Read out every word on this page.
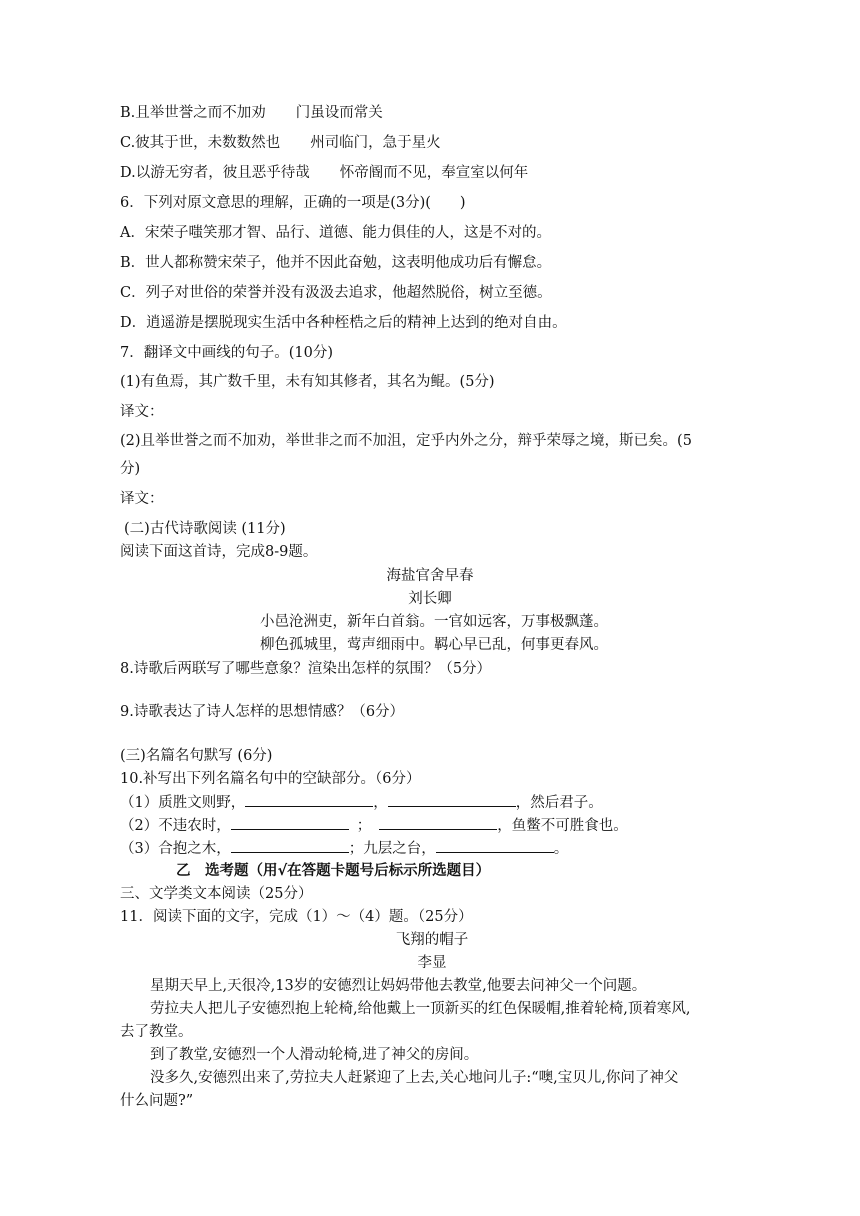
B.且举世誉之而不加劝 门虽设而常关
C.彼其于世，未数数然也 州司临门，急于星火
D.以游无穷者，彼且恶乎待哉 怀帝阍而不见，奉宣室以何年
6．下列对原文意思的理解，正确的一项是(3分)(　　)
A．宋荣子嗤笑那才智、品行、道德、能力俱佳的人，这是不对的。
B．世人都称赞宋荣子，他并不因此奋勉，这表明他成功后有懈怠。
C．列子对世俗的荣誉并没有汲汲去追求，他超然脱俗，树立至德。
D．逍遥游是摆脱现实生活中各种桎梏之后的精神上达到的绝对自由。
7．翻译文中画线的句子。(10分)
(1)有鱼焉，其广数千里，未有知其修者，其名为鲲。(5分)
译文：
(2)且举世誉之而不加劝，举世非之而不加沮，定乎内外之分，辩乎荣辱之境，斯已矣。(5
分)
译文：
(二)古代诗歌阅读 (11分)
阅读下面这首诗，完成8-9题。
海盐官舍早春
刘长卿
小邑沧洲吏，新年白首翁。一官如远客，万事极飘蓬。
柳色孤城里，莺声细雨中。羁心早已乱，何事更春风。
8.诗歌后两联写了哪些意象？渲染出怎样的氛围？（5分）
9.诗歌表达了诗人怎样的思想情感？（6分）
(三)名篇名句默写 (6分)
10.补写出下列名篇名句中的空缺部分。（6分）
（1）质胜文则野，	，	，然后君子。
（2）不违农时，	；	，鱼鳖不可胜食也。
（3）合抱之木，	；九层之台，	。
乙　选考题（用√在答题卡题号后标示所选题目）
三、文学类文本阅读（25分）
11．阅读下面的文字，完成（1）～（4）题。（25分）
飞翔的帽子
李显
星期天早上,天很冷,13岁的安德烈让妈妈带他去教堂,他要去问神父一个问题。
劳拉夫人把儿子安德烈抱上轮椅,给他戴上一顶新买的红色保暖帽,推着轮椅,顶着寒风,
去了教堂。
到了教堂,安德烈一个人滑动轮椅,进了神父的房间。
没多久,安德烈出来了,劳拉夫人赶紧迎了上去,关心地问儿子:“噢,宝贝儿,你问了神父
什么问题?”
